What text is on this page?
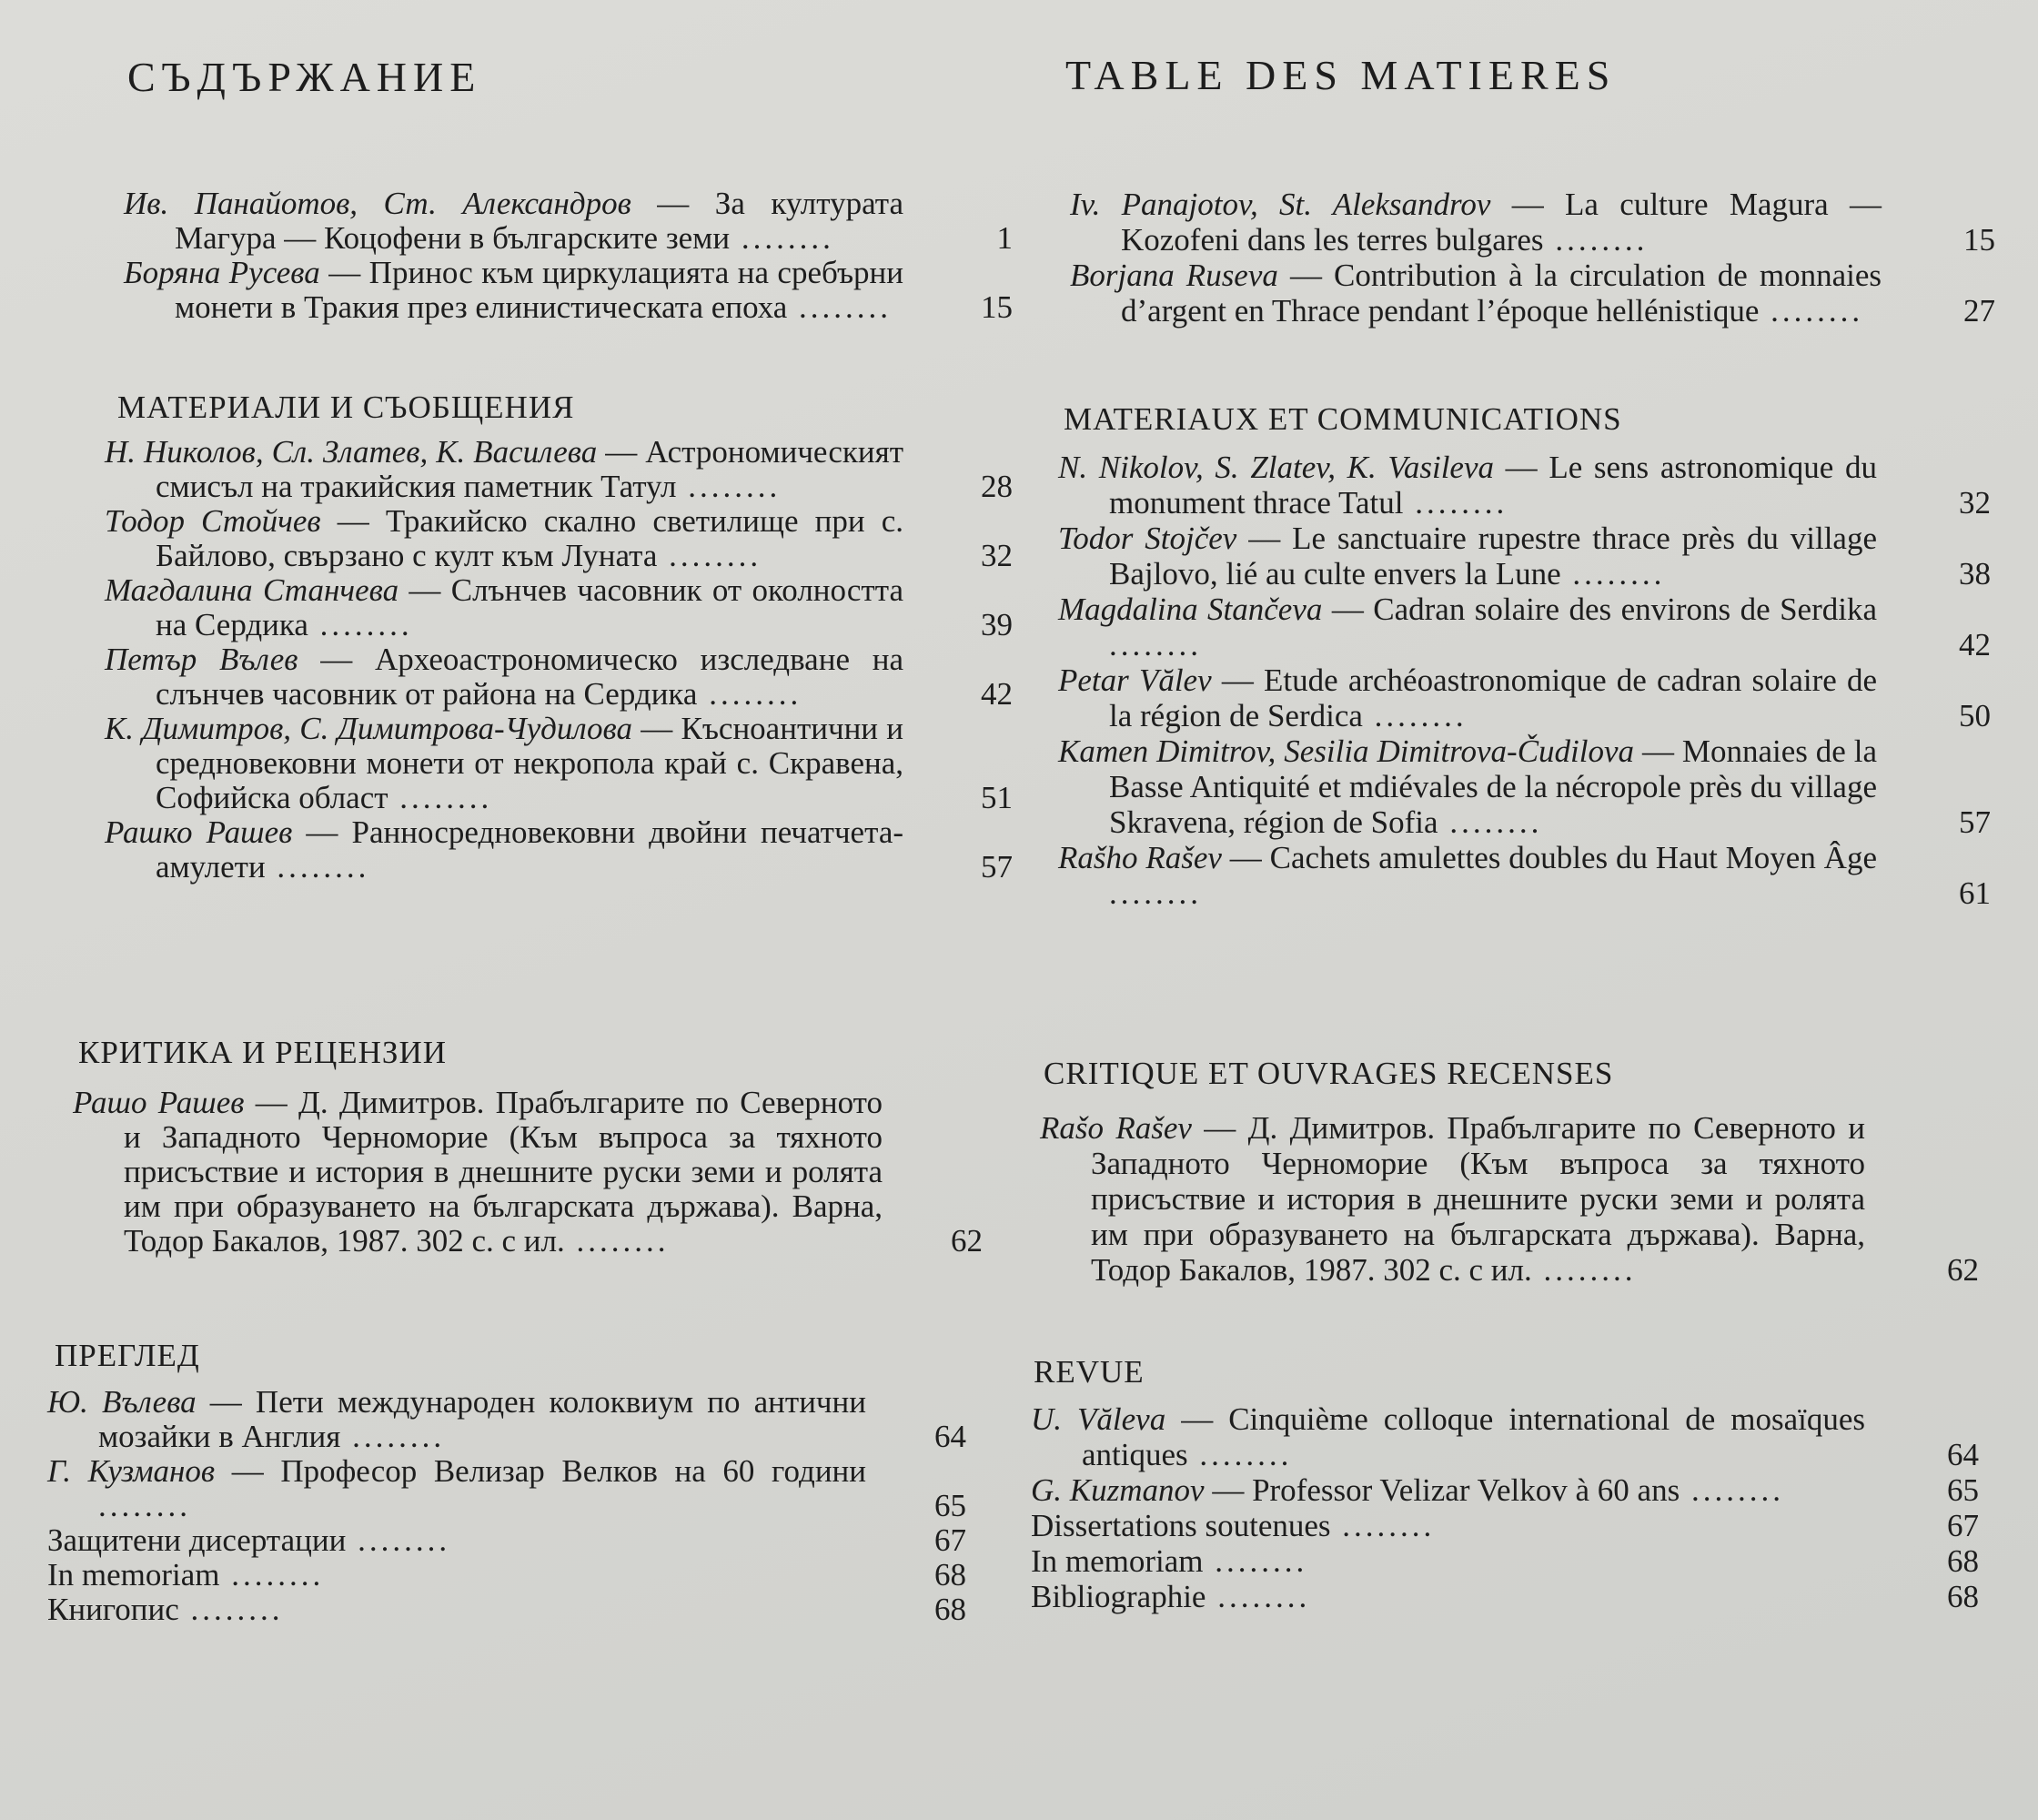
СЪДЪРЖАНИЕ
Ив. Панайотов, Ст. Александров — За културата Магура — Коцофени в българските земи ........	1
Боряна Русева — Принос към циркулацията на сребърни монети в Тракия през елинистическата епоха ........	15
МАТЕРИАЛИ И СЪОБЩЕНИЯ
Н. Николов, Сл. Златев, К. Василева — Астрономическият смисъл на тракийския паметник Татул ........	28
Тодор Стойчев — Тракийско скално светилище при с. Байлово, свързано с култ към Луната ........	32
Магдалина Станчева — Слънчев часовник от околността на Сердика ........	39
Петър Вълев — Археоастрономическо изследване на слънчев часовник от района на Сердика ........	42
К. Димитров, С. Димитрова-Чудилова — Късноантични и средновековни монети от некропола край с. Скравена, Софийска област ........	51
Рашко Рашев — Ранносредновековни двойни печатчета-амулети ........	57
КРИТИКА И РЕЦЕНЗИИ
Рашо Рашев — Д. Димитров. Прабългарите по Северното и Западното Черноморие (Към въпроса за тяхното присъствие и история в днешните руски земи и ролята им при образуването на българската държава). Варна, Тодор Бакалов, 1987. 302 с. с ил. ........	62
ПРЕГЛЕД
Ю. Вълева — Пети международен колоквиум по антични мозайки в Англия ........	64
Г. Кузманов — Професор Велизар Велков на 60 години ........	65
Защитени дисертации ........	67
In memoriam ........	68
Книгопис ........	68
TABLE DES MATIERES
Iv. Panajotov, St. Aleksandrov — La culture Magura — Kozofeni dans les terres bulgares ........	15
Borjana Ruseva — Contribution à la circulation de monnaies d’argent en Thrace pendant l’époque hellénistique ........	27
MATERIAUX ET COMMUNICATIONS
N. Nikolov, S. Zlatev, K. Vasileva — Le sens astronomique du monument thrace Tatul ........	32
Todor Stojčev — Le sanctuaire rupestre thrace près du village Bajlovo, lié au culte envers la Lune ........	38
Magdalina Stančeva — Cadran solaire des environs de Serdika ........	42
Petar Vălev — Etude archéoastronomique de cadran solaire de la région de Serdica ........	50
Kamen Dimitrov, Sesilia Dimitrova-Čudilova — Monnaies de la Basse Antiquité et mdiévales de la nécropole près du village Skravena, région de Sofia ........	57
Rašho Rašev — Cachets amulettes doubles du Haut Moyen Âge ........	61
CRITIQUE ET OUVRAGES RECENSES
Rašo Rašev — Д. Димитров. Прабългарите по Северното и Западното Черноморие (Към въпроса за тяхното присъствие и история в днешните руски земи и ролята им при образуването на българската държава). Варна, Тодор Бакалов, 1987. 302 с. с ил. ........	62
REVUE
U. Văleva — Cinquième colloque international de mosaïques antiques ........	64
G. Kuzmanov — Professor Velizar Velkov à 60 ans ........	65
Dissertations soutenues ........	67
In memoriam ........	68
Bibliographie ........	68
